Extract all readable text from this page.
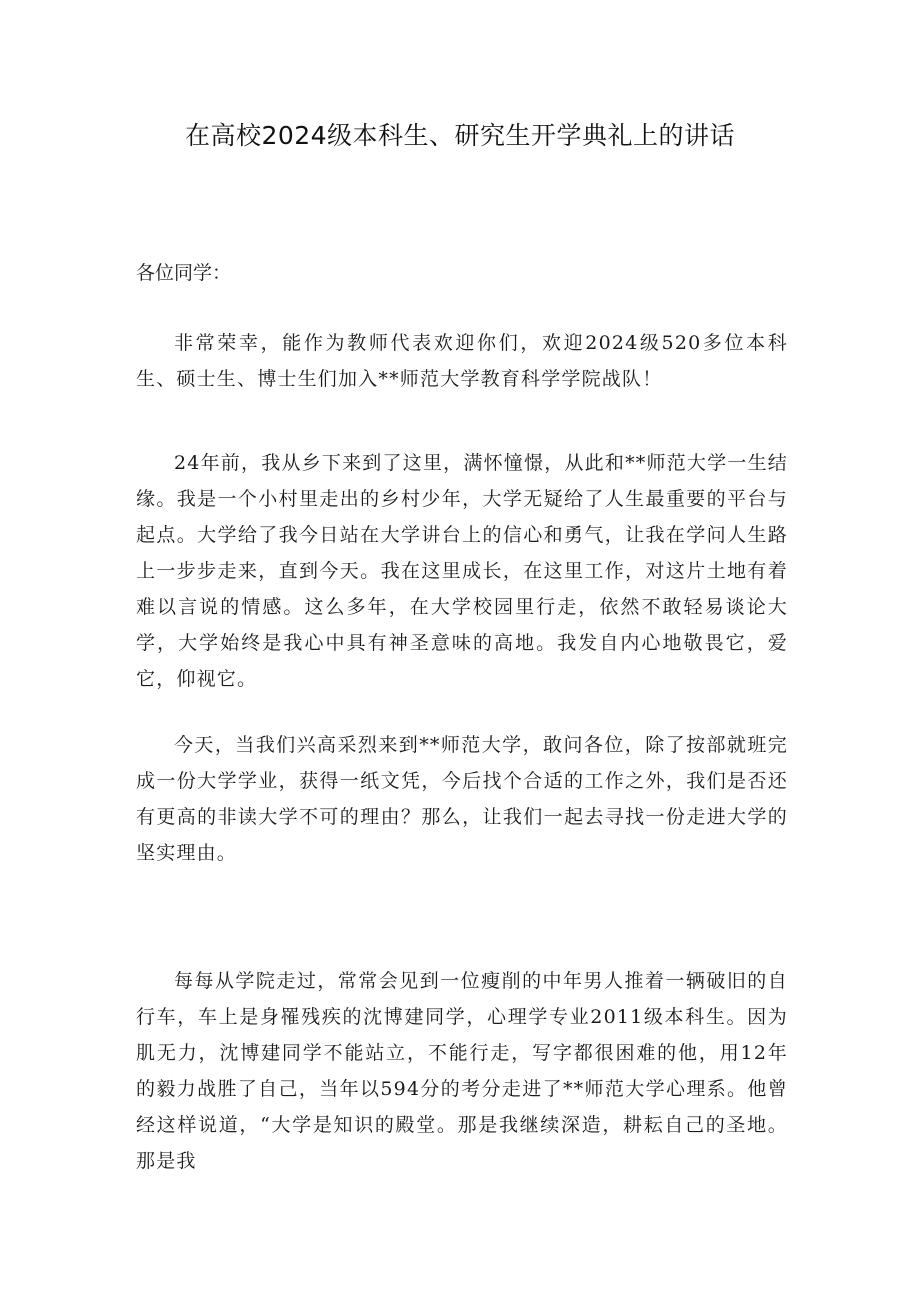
在高校2024级本科生、研究生开学典礼上的讲话
各位同学：

非常荣幸，能作为教师代表欢迎你们，欢迎2024级520多位本科生、硕士生、博士生们加入**师范大学教育科学学院战队！

24年前，我从乡下来到了这里，满怀憧憬，从此和**师范大学一生结缘。我是一个小村里走出的乡村少年，大学无疑给了人生最重要的平台与起点。大学给了我今日站在大学讲台上的信心和勇气，让我在学问人生路上一步步走来，直到今天。我在这里成长，在这里工作，对这片土地有着难以言说的情感。这么多年，在大学校园里行走，依然不敢轻易谈论大学，大学始终是我心中具有神圣意味的高地。我发自内心地敬畏它，爱它，仰视它。

今天，当我们兴高采烈来到**师范大学，敢问各位，除了按部就班完成一份大学学业，获得一纸文凭，今后找个合适的工作之外，我们是否还有更高的非读大学不可的理由？那么，让我们一起去寻找一份走进大学的坚实理由。

每每从学院走过，常常会见到一位瘦削的中年男人推着一辆破旧的自行车，车上是身罹残疾的沈博建同学，心理学专业2011级本科生。因为肌无力，沈博建同学不能站立，不能行走，写字都很困难的他，用12年的毅力战胜了自己，当年以594分的考分走进了**师范大学心理系。他曾经这样说道，“大学是知识的殿堂。那是我继续深造，耕耘自己的圣地。那是我
